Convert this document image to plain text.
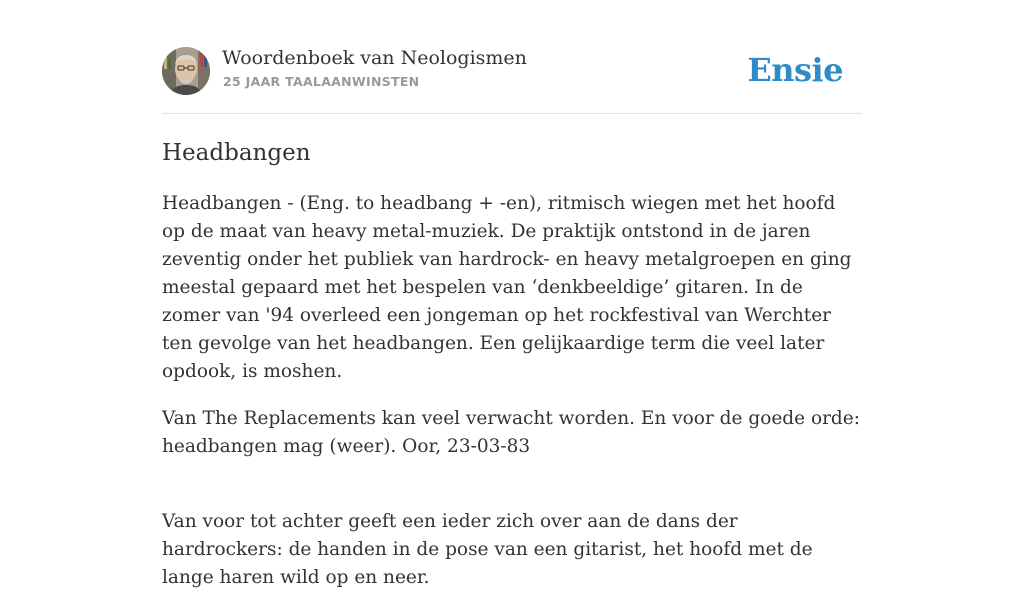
Woordenboek van Neologismen
25 JAAR TAALAANWINSTEN	Ensie
Headbangen

Headbangen - (Eng. to headbang + -en), ritmisch wiegen met het hoofd op de maat van heavy metal-muziek. De praktijk ontstond in de jaren zeventig onder het publiek van hardrock- en heavy metalgroepen en ging meestal gepaard met het bespelen van ‘denkbeeldige’ gitaren. In de zomer van '94 overleed een jongeman op het rockfestival van Werchter ten gevolge van het headbangen. Een gelijkaardige term die veel later opdook, is moshen.

Van The Replacements kan veel verwacht worden. En voor de goede orde: headbangen mag (weer). Oor, 23-03-83

Van voor tot achter geeft een ieder zich over aan de dans der hardrockers: de handen in de pose van een gitarist, het hoofd met de lange haren wild op en neer.
